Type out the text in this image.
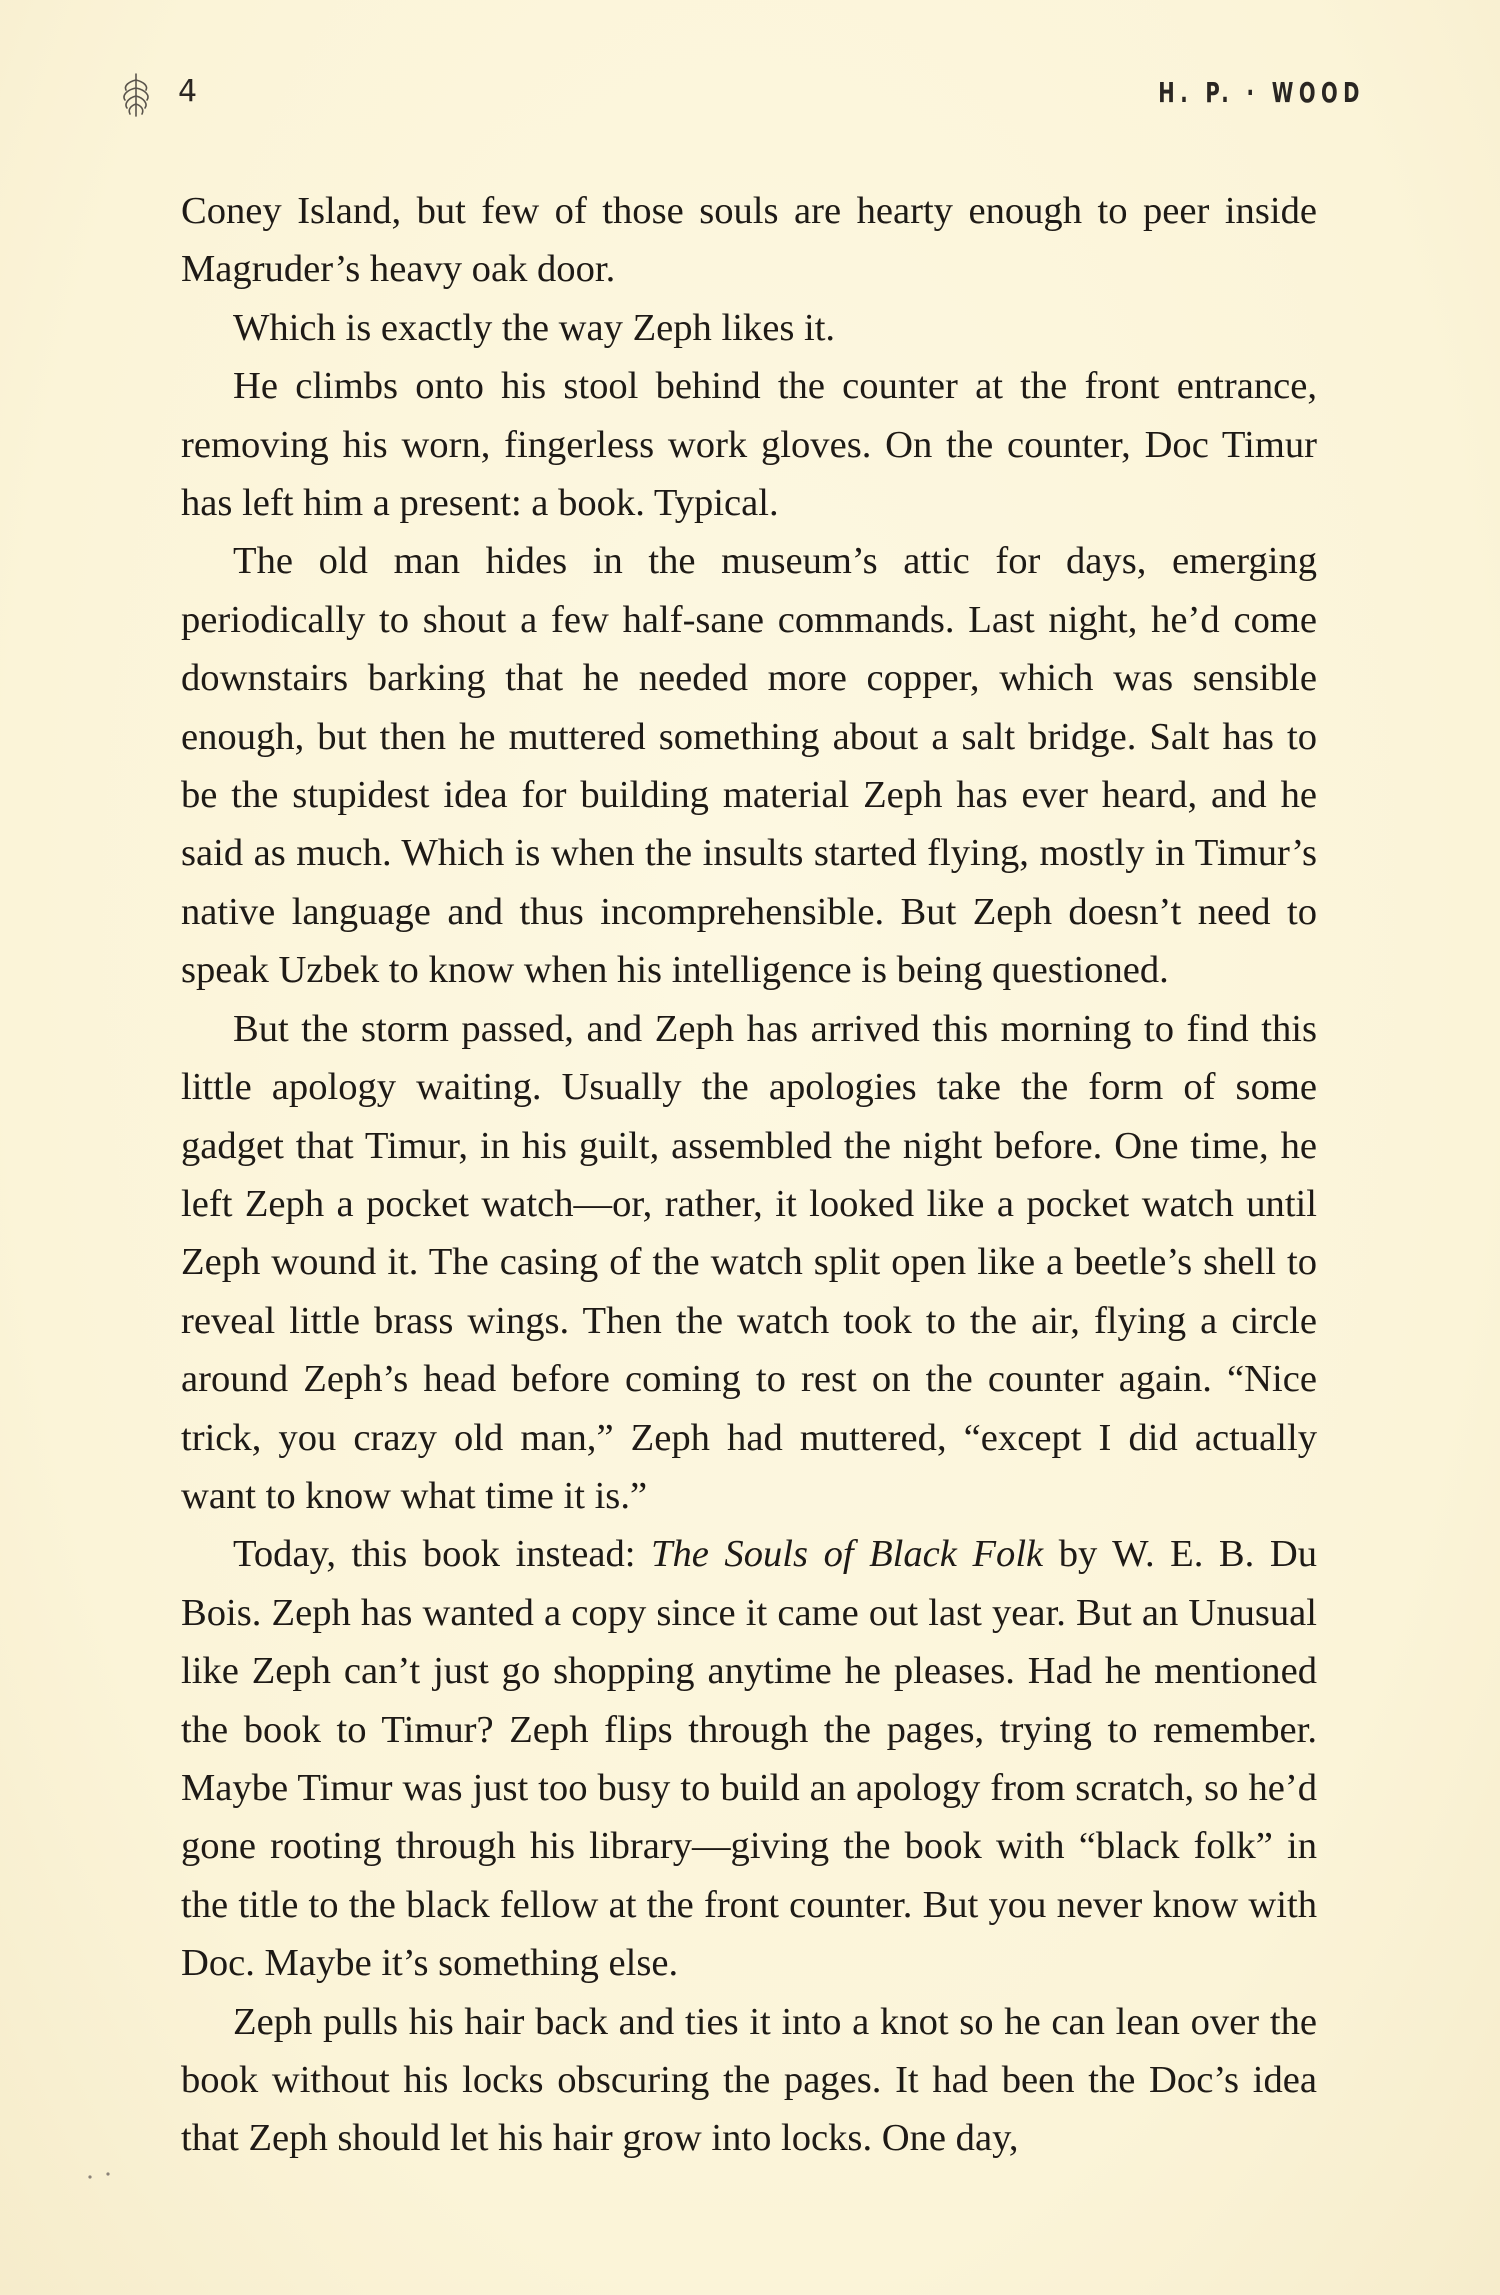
4	H. P. · WOOD

Coney Island, but few of those souls are hearty enough to peer inside Magruder’s heavy oak door.

Which is exactly the way Zeph likes it.

He climbs onto his stool behind the counter at the front entrance, removing his worn, fingerless work gloves. On the counter, Doc Timur has left him a present: a book. Typical.

The old man hides in the museum’s attic for days, emerging periodically to shout a few half-sane commands. Last night, he’d come downstairs barking that he needed more copper, which was sensible enough, but then he muttered something about a salt bridge. Salt has to be the stupidest idea for building material Zeph has ever heard, and he said as much. Which is when the insults started flying, mostly in Timur’s native language and thus incomprehensible. But Zeph doesn’t need to speak Uzbek to know when his intelligence is being questioned.

But the storm passed, and Zeph has arrived this morning to find this little apology waiting. Usually the apologies take the form of some gadget that Timur, in his guilt, assembled the night before. One time, he left Zeph a pocket watch—or, rather, it looked like a pocket watch until Zeph wound it. The casing of the watch split open like a beetle’s shell to reveal little brass wings. Then the watch took to the air, flying a circle around Zeph’s head before coming to rest on the counter again. “Nice trick, you crazy old man,” Zeph had muttered, “except I did actually want to know what time it is.”

Today, this book instead: The Souls of Black Folk by W. E. B. Du Bois. Zeph has wanted a copy since it came out last year. But an Unusual like Zeph can’t just go shopping anytime he pleases. Had he mentioned the book to Timur? Zeph flips through the pages, trying to remember. Maybe Timur was just too busy to build an apology from scratch, so he’d gone rooting through his library—giving the book with “black folk” in the title to the black fellow at the front counter. But you never know with Doc. Maybe it’s something else.

Zeph pulls his hair back and ties it into a knot so he can lean over the book without his locks obscuring the pages. It had been the Doc’s idea that Zeph should let his hair grow into locks. One day,
